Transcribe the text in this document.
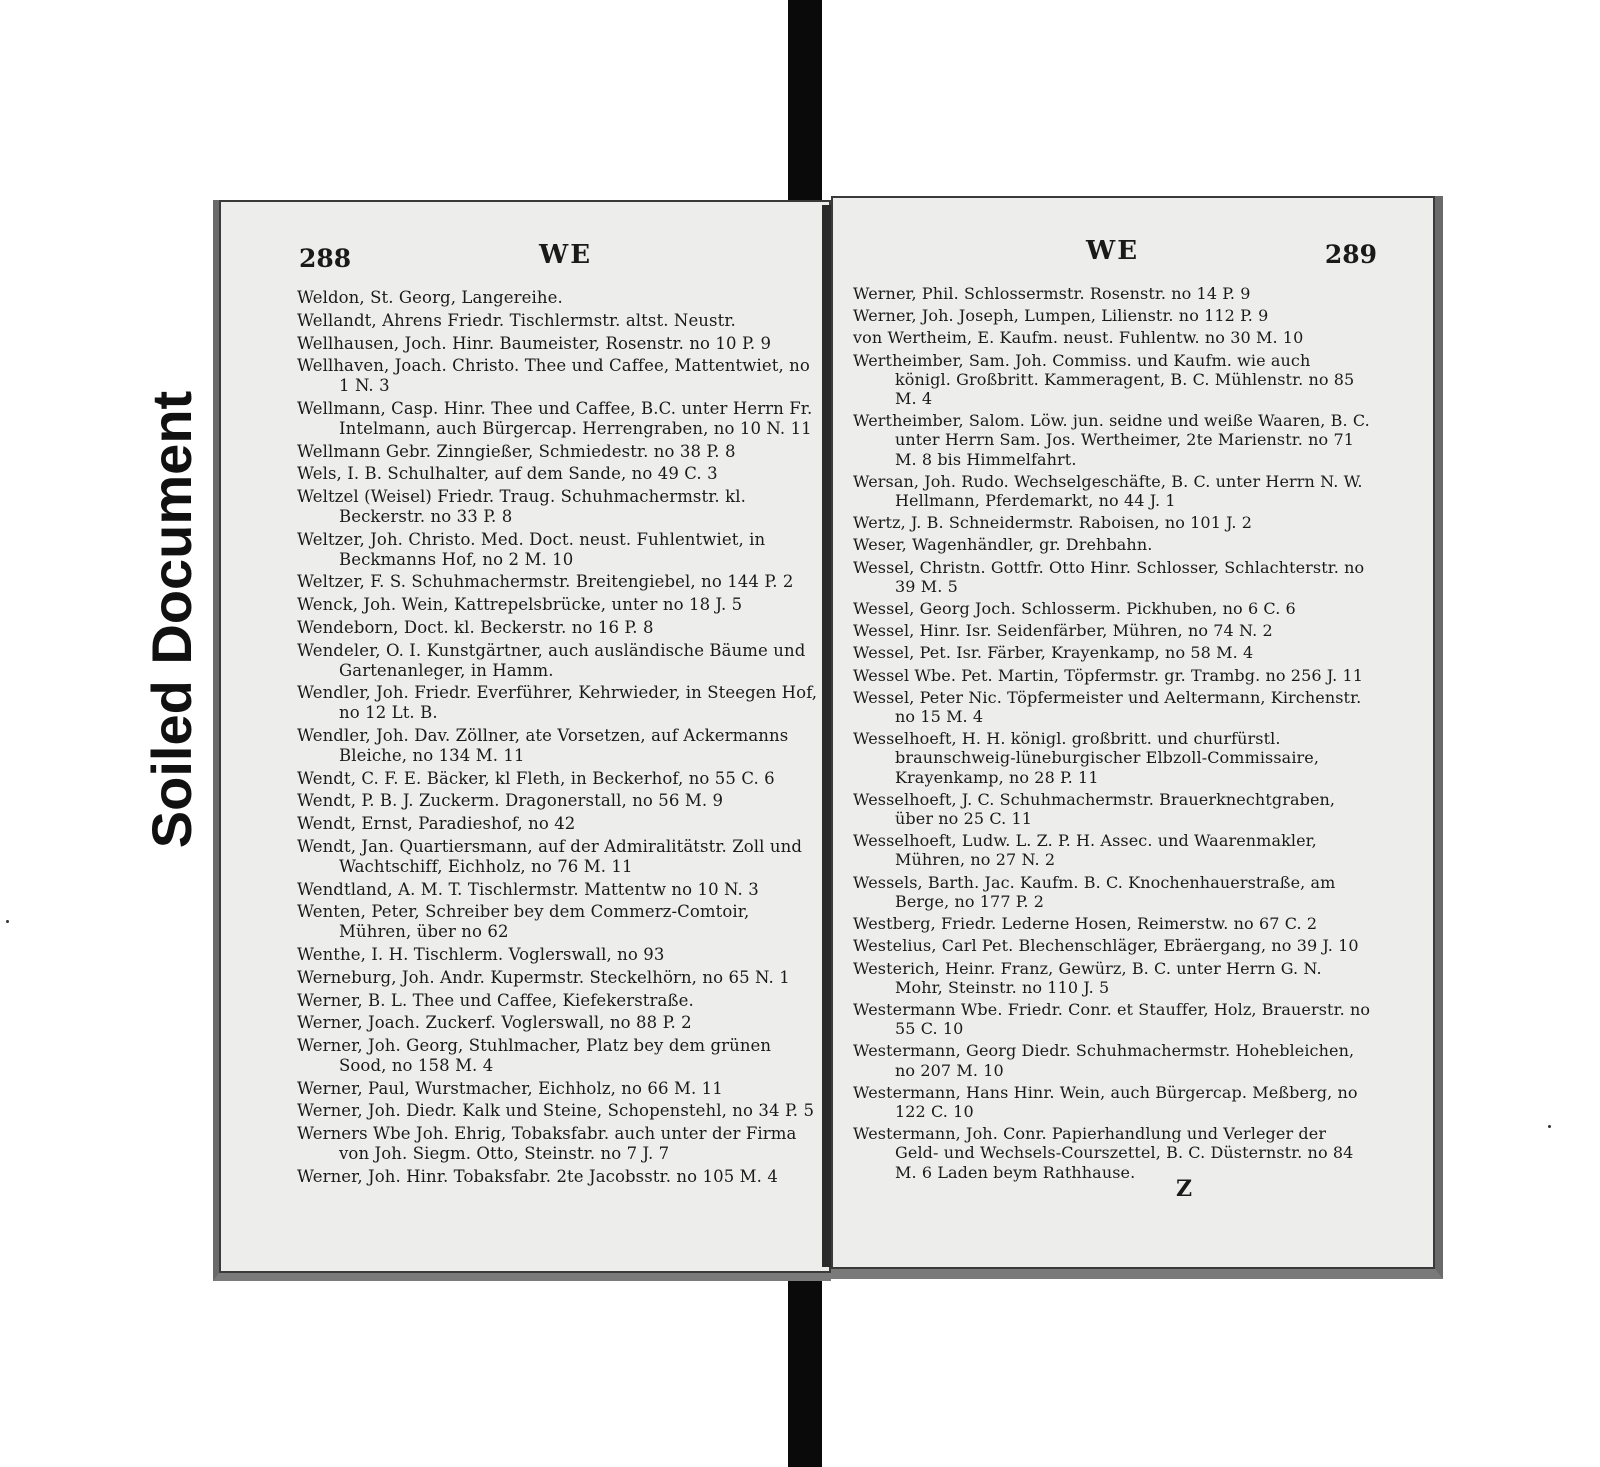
Soiled Document
288	WE
Weldon, St. Georg, Langereihe.
Wellandt, Ahrens Friedr. Tischlermstr. altst. Neustr.
Wellhausen, Joch. Hinr. Baumeister, Rosenstr. no 10 P. 9
Wellhaven, Joach. Christo. Thee und Caffee, Mattentwiet, no 1 N. 3
Wellmann, Casp. Hinr. Thee und Caffee, B.C. unter Herrn Fr. Intelmann, auch Bürgercap. Herrengraben, no 10 N. 11
Wellmann Gebr. Zinngießer, Schmiedestr. no 38 P. 8
Wels, I. B. Schulhalter, auf dem Sande, no 49 C. 3
Weltzel (Weisel) Friedr. Traug. Schuhmachermstr. kl. Beckerstr. no 33 P. 8
Weltzer, Joh. Christo. Med. Doct. neust. Fuhlentwiet, in Beckmanns Hof, no 2 M. 10
Weltzer, F. S. Schuhmachermstr. Breitengiebel, no 144 P. 2
Wenck, Joh. Wein, Kattrepelsbrücke, unter no 18 J. 5
Wendeborn, Doct. kl. Beckerstr. no 16 P. 8
Wendeler, O. I. Kunstgärtner, auch ausländische Bäume und Gartenanleger, in Hamm.
Wendler, Joh. Friedr. Everführer, Kehrwieder, in Steegen Hof, no 12 Lt. B.
Wendler, Joh. Dav. Zöllner, ate Vorsetzen, auf Ackermanns Bleiche, no 134 M. 11
Wendt, C. F. E. Bäcker, kl Fleth, in Beckerhof, no 55 C. 6
Wendt, P. B. J. Zuckerm. Dragonerstall, no 56 M. 9
Wendt, Ernst, Paradieshof, no 42
Wendt, Jan. Quartiersmann, auf der Admiralitätstr. Zoll und Wachtschiff, Eichholz, no 76 M. 11
Wendtland, A. M. T. Tischlermstr. Mattentw no 10 N. 3
Wenten, Peter, Schreiber bey dem Commerz-Comtoir, Mühren, über no 62
Wenthe, I. H. Tischlerm. Voglerswall, no 93
Werneburg, Joh. Andr. Kupermstr. Steckelhörn, no 65 N. 1
Werner, B. L. Thee und Caffee, Kiefekerstraße.
Werner, Joach. Zuckerf. Voglerswall, no 88 P. 2
Werner, Joh. Georg, Stuhlmacher, Platz bey dem grünen Sood, no 158 M. 4
Werner, Paul, Wurstmacher, Eichholz, no 66 M. 11
Werner, Joh. Diedr. Kalk und Steine, Schopenstehl, no 34 P. 5
Werners Wbe Joh. Ehrig, Tobaksfabr. auch unter der Firma von Joh. Siegm. Otto, Steinstr. no 7 J. 7
Werner, Joh. Hinr. Tobaksfabr. 2te Jacobsstr. no 105 M. 4
WE	289
Werner, Phil. Schlossermstr. Rosenstr. no 14 P. 9
Werner, Joh. Joseph, Lumpen, Lilienstr. no 112 P. 9
von Wertheim, E. Kaufm. neust. Fuhlentw. no 30 M. 10
Wertheimber, Sam. Joh. Commiss. und Kaufm. wie auch königl. Großbritt. Kammeragent, B. C. Mühlenstr. no 85 M. 4
Wertheimber, Salom. Löw. jun. seidne und weiße Waaren, B. C. unter Herrn Sam. Jos. Wertheimer, 2te Marienstr. no 71 M. 8 bis Himmelfahrt.
Wersan, Joh. Rudo. Wechselgeschäfte, B. C. unter Herrn N. W. Hellmann, Pferdemarkt, no 44 J. 1
Wertz, J. B. Schneidermstr. Raboisen, no 101 J. 2
Weser, Wagenhändler, gr. Drehbahn.
Wessel, Christn. Gottfr. Otto Hinr. Schlosser, Schlachterstr. no 39 M. 5
Wessel, Georg Joch. Schlosserm. Pickhuben, no 6 C. 6
Wessel, Hinr. Isr. Seidenfärber, Mühren, no 74 N. 2
Wessel, Pet. Isr. Färber, Krayenkamp, no 58 M. 4
Wessel Wbe. Pet. Martin, Töpfermstr. gr. Trambg. no 256 J. 11
Wessel, Peter Nic. Töpfermeister und Aeltermann, Kirchenstr. no 15 M. 4
Wesselhoeft, H. H. königl. großbritt. und churfürstl. braunschweig-lüneburgischer Elbzoll-Commissaire, Krayenkamp, no 28 P. 11
Wesselhoeft, J. C. Schuhmachermstr. Brauerknechtgraben, über no 25 C. 11
Wesselhoeft, Ludw. L. Z. P. H. Assec. und Waarenmakler, Mühren, no 27 N. 2
Wessels, Barth. Jac. Kaufm. B. C. Knochenhauerstraße, am Berge, no 177 P. 2
Westberg, Friedr. Lederne Hosen, Reimerstw. no 67 C. 2
Westelius, Carl Pet. Blechenschläger, Ebräergang, no 39 J. 10
Westerich, Heinr. Franz, Gewürz, B. C. unter Herrn G. N. Mohr, Steinstr. no 110 J. 5
Westermann Wbe. Friedr. Conr. et Stauffer, Holz, Brauerstr. no 55 C. 10
Westermann, Georg Diedr. Schuhmachermstr. Hohebleichen, no 207 M. 10
Westermann, Hans Hinr. Wein, auch Bürgercap. Meßberg, no 122 C. 10
Westermann, Joh. Conr. Papierhandlung und Verleger der Geld- und Wechsels-Courszettel, B. C. Düsternstr. no 84 M. 6 Laden beym Rathhause.
Z
